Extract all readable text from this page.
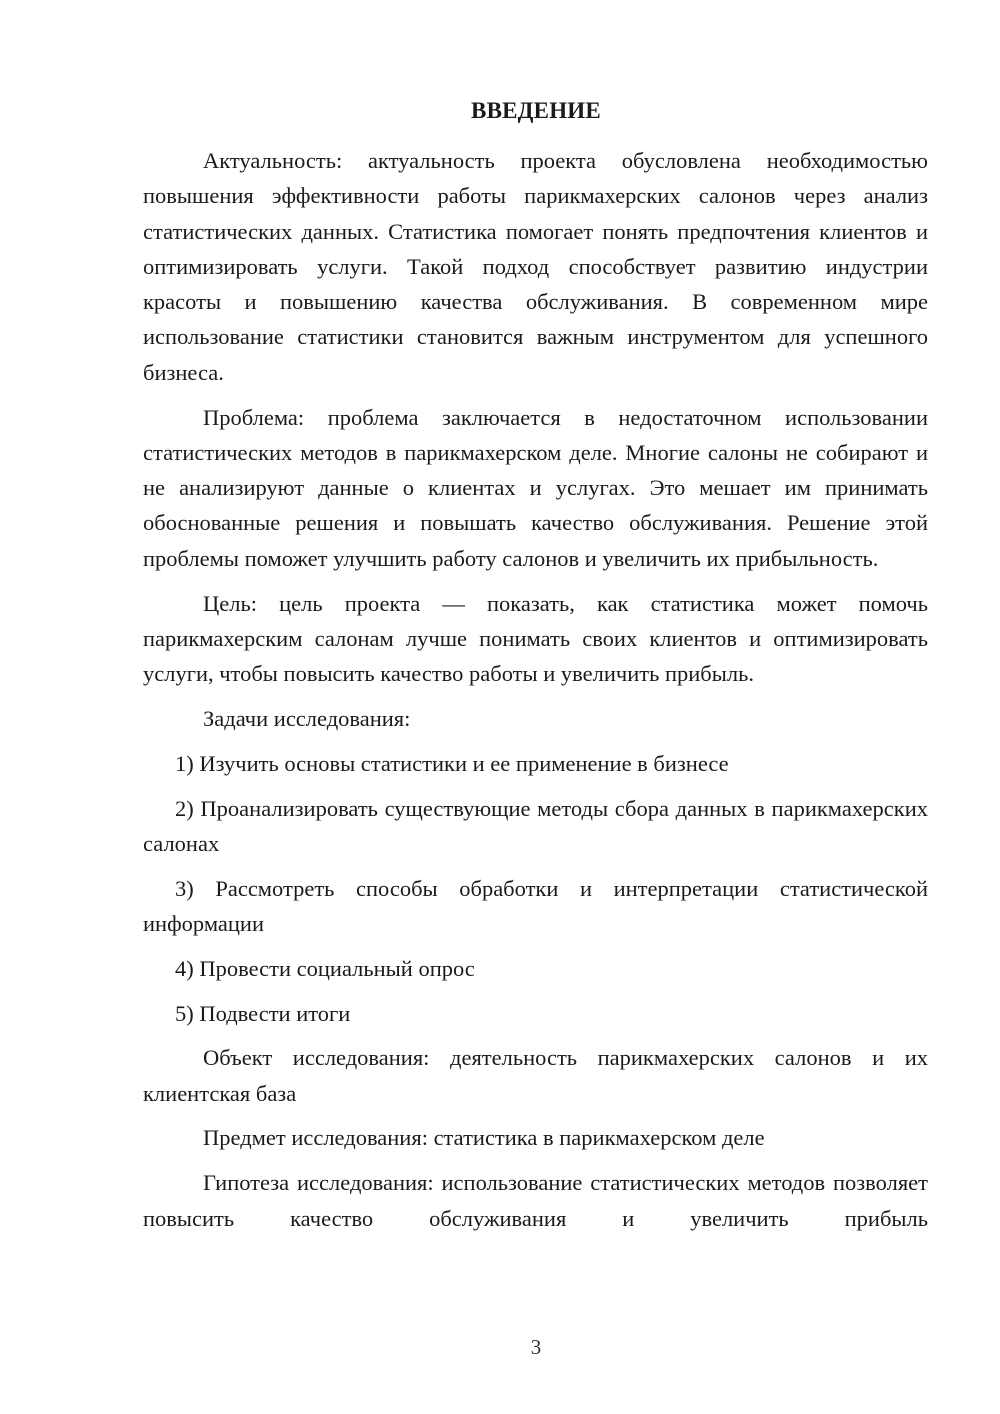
ВВЕДЕНИЕ

Актуальность: актуальность проекта обусловлена необходимостью повышения эффективности работы парикмахерских салонов через анализ статистических данных. Статистика помогает понять предпочтения клиентов и оптимизировать услуги. Такой подход способствует развитию индустрии красоты и повышению качества обслуживания. В современном мире использование статистики становится важным инструментом для успешного бизнеса.

Проблема: проблема заключается в недостаточном использовании статистических методов в парикмахерском деле. Многие салоны не собирают и не анализируют данные о клиентах и услугах. Это мешает им принимать обоснованные решения и повышать качество обслуживания. Решение этой проблемы поможет улучшить работу салонов и увеличить их прибыльность.

Цель: цель проекта — показать, как статистика может помочь парикмахерским салонам лучше понимать своих клиентов и оптимизировать услуги, чтобы повысить качество работы и увеличить прибыль.

Задачи исследования:

1) Изучить основы статистики и ее применение в бизнесе

2) Проанализировать существующие методы сбора данных в парикмахерских салонах

3) Рассмотреть способы обработки и интерпретации статистической информации

4) Провести социальный опрос

5) Подвести итоги

Объект исследования: деятельность парикмахерских салонов и их клиентская база

Предмет исследования: статистика в парикмахерском деле

Гипотеза исследования: использование статистических методов позволяет повысить качество обслуживания и увеличить прибыль

3
